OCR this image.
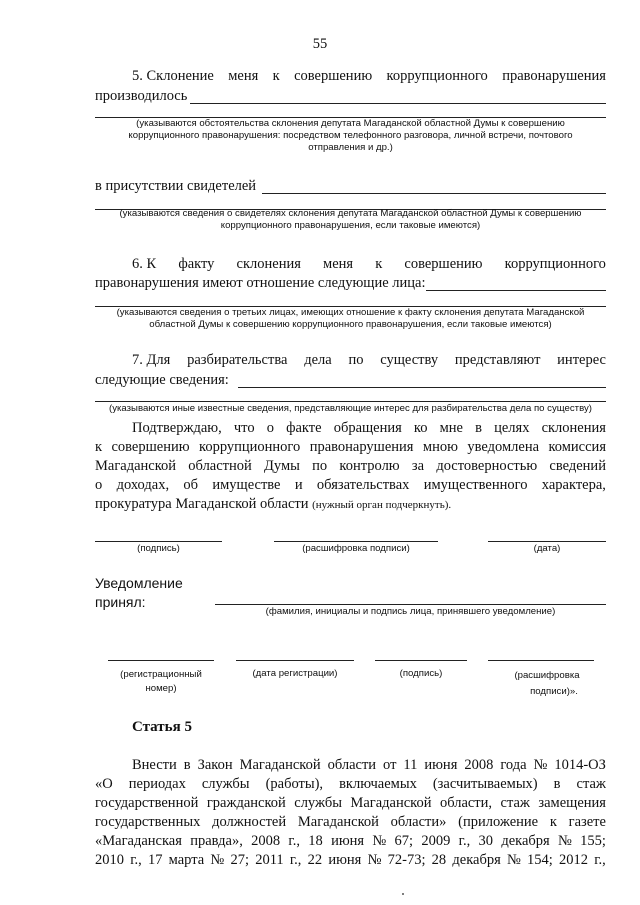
55
5. Склонение меня к совершению коррупционного правонарушения
производилось
(указываются обстоятельства склонения депутата Магаданской областной Думы к совершению
коррупционного правонарушения: посредством телефонного разговора, личной встречи, почтового
отправления и др.)
в присутствии свидетелей
(указываются сведения о свидетелях склонения депутата Магаданской областной Думы к совершению
коррупционного правонарушения, если таковые имеются)
6. К факту склонения меня к совершению коррупционного
правонарушения имеют отношение следующие лица:
(указываются сведения о третьих лицах, имеющих отношение к факту склонения депутата Магаданской
областной Думы к совершению коррупционного правонарушения, если таковые имеются)
7. Для разбирательства дела по существу представляют интерес
следующие сведения:
(указываются иные известные сведения, представляющие интерес для разбирательства дела по существу)
Подтверждаю, что о факте обращения ко мне в целях склонения
к совершению коррупционного правонарушения мною уведомлена комиссия
Магаданской областной Думы по контролю за достоверностью сведений
о доходах, об имуществе и обязательствах имущественного характера,
прокуратура Магаданской области (нужный орган подчеркнуть).
(подпись)	(расшифровка подписи)	(дата)
Уведомление
принял:
(фамилия, инициалы и подпись лица, принявшего уведомление)
(регистрационный
номер)
(дата регистрации)	(подпись)	(расшифровка
подписи)».
Статья 5
Внести в Закон Магаданской области от 11 июня 2008 года № 1014-ОЗ
«О периодах службы (работы), включаемых (засчитываемых) в стаж
государственной гражданской службы Магаданской области, стаж замещения
государственных должностей Магаданской области» (приложение к газете
«Магаданская правда», 2008 г., 18 июня № 67; 2009 г., 30 декабря № 155;
2010 г., 17 марта № 27; 2011 г., 22 июня № 72-73; 28 декабря № 154; 2012 г.,
